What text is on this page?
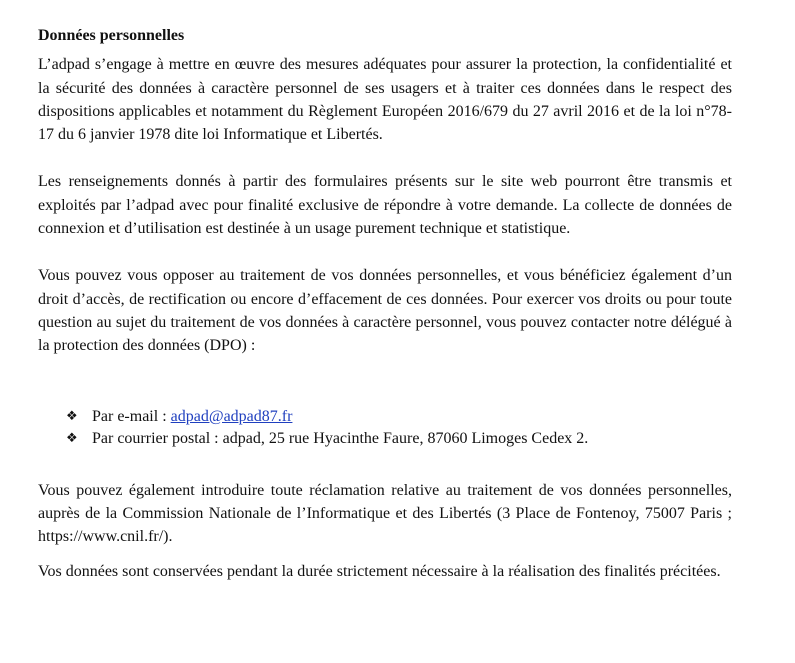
Données personnelles

L’adpad s’engage à mettre en œuvre des mesures adéquates pour assurer la protection, la confidentialité et la sécurité des données à caractère personnel de ses usagers et à traiter ces données dans le respect des dispositions applicables et notamment du Règlement Européen 2016/679 du 27 avril 2016 et de la loi n°78-17 du 6 janvier 1978 dite loi Informatique et Libertés.

Les renseignements donnés à partir des formulaires présents sur le site web pourront être transmis et exploités par l’adpad avec pour finalité exclusive de répondre à votre demande. La collecte de données de connexion et d’utilisation est destinée à un usage purement technique et statistique.

Vous pouvez vous opposer au traitement de vos données personnelles, et vous bénéficiez également d’un droit d’accès, de rectification ou encore d’effacement de ces données. Pour exercer vos droits ou pour toute question au sujet du traitement de vos données à caractère personnel, vous pouvez contacter notre délégué à la protection des données (DPO) :

❖ Par e-mail : adpad@adpad87.fr
❖ Par courrier postal : adpad, 25 rue Hyacinthe Faure, 87060 Limoges Cedex 2.

Vous pouvez également introduire toute réclamation relative au traitement de vos données personnelles, auprès de la Commission Nationale de l’Informatique et des Libertés (3 Place de Fontenoy, 75007 Paris ; https://www.cnil.fr/).

Vos données sont conservées pendant la durée strictement nécessaire à la réalisation des finalités précitées.
